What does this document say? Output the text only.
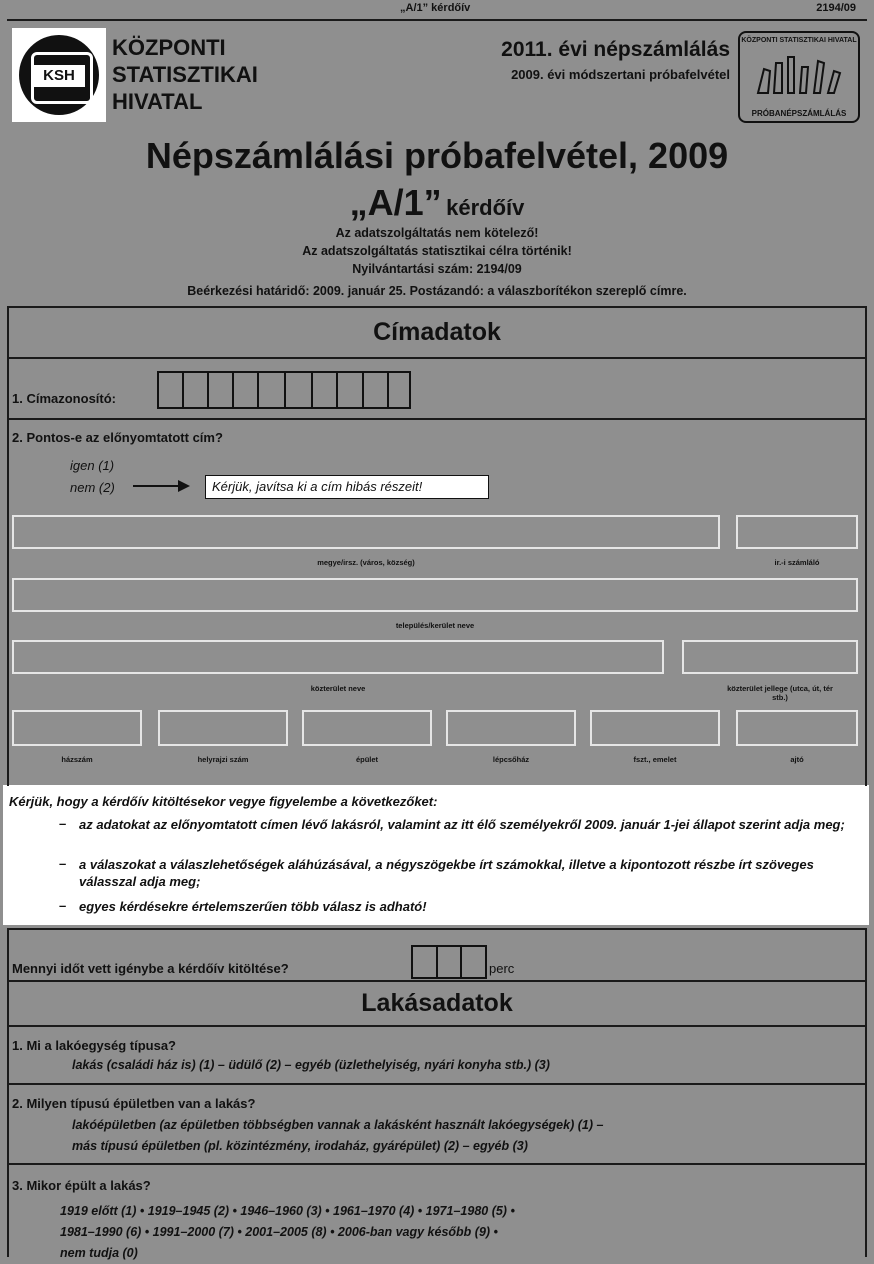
„A/1” kérdőív	2194/09
KSH
KÖZPONTI
STATISZTIKAI
HIVATAL
2011. évi népszámlálás
2009. évi módszertani próbafelvétel
KÖZPONTI STATISZTIKAI HIVATAL
PRÓBANÉPSZÁMLÁLÁS
Népszámlálási próbafelvétel, 2009
„A/1” kérdőív
Az adatszolgáltatás nem kötelező!
Az adatszolgáltatás statisztikai célra történik!
Nyilvántartási szám: 2194/09
Beérkezési határidő: 2009. január 25. Postázandó: a válaszborítékon szereplő címre.
Címadatok
1. Címazonosító:
2. Pontos-e az előnyomtatott cím?
igen (1)
nem (2)	Kérjük, javítsa ki a cím hibás részeit!
megye/irsz. (város, község)	ir.-i számláló
település/kerület neve
közterület neve	közterület jellege (utca, út, tér stb.)
házszám	helyrajzi szám	épület	lépcsőház	fszt., emelet	ajtó
Kérjük, hogy a kérdőív kitöltésekor vegye figyelembe a következőket:
– az adatokat az előnyomtatott címen lévő lakásról, valamint az itt élő személyekről 2009. január 1-jei állapot szerint adja meg;
– a válaszokat a válaszlehetőségek aláhúzásával, a négyszögekbe írt számokkal, illetve a kipontozott részbe írt szöveges válasszal adja meg;
– egyes kérdésekre értelemszerűen több válasz is adható!
Mennyi időt vett igénybe a kérdőív kitöltése?	perc
Lakásadatok
1. Mi a lakóegység típusa?
lakás (családi ház is) (1) – üdülő (2) – egyéb (üzlethelyiség, nyári konyha stb.) (3)
2. Milyen típusú épületben van a lakás?
lakóépületben (az épületben többségben vannak a lakásként használt lakóegységek) (1) –
más típusú épületben (pl. közintézmény, irodaház, gyárépület) (2) – egyéb (3)
3. Mikor épült a lakás?
1919 előtt (1) • 1919–1945 (2) • 1946–1960 (3) • 1961–1970 (4) • 1971–1980 (5) •
1981–1990 (6) • 1991–2000 (7) • 2001–2005 (8) • 2006-ban vagy később (9) •
nem tudja (0)
